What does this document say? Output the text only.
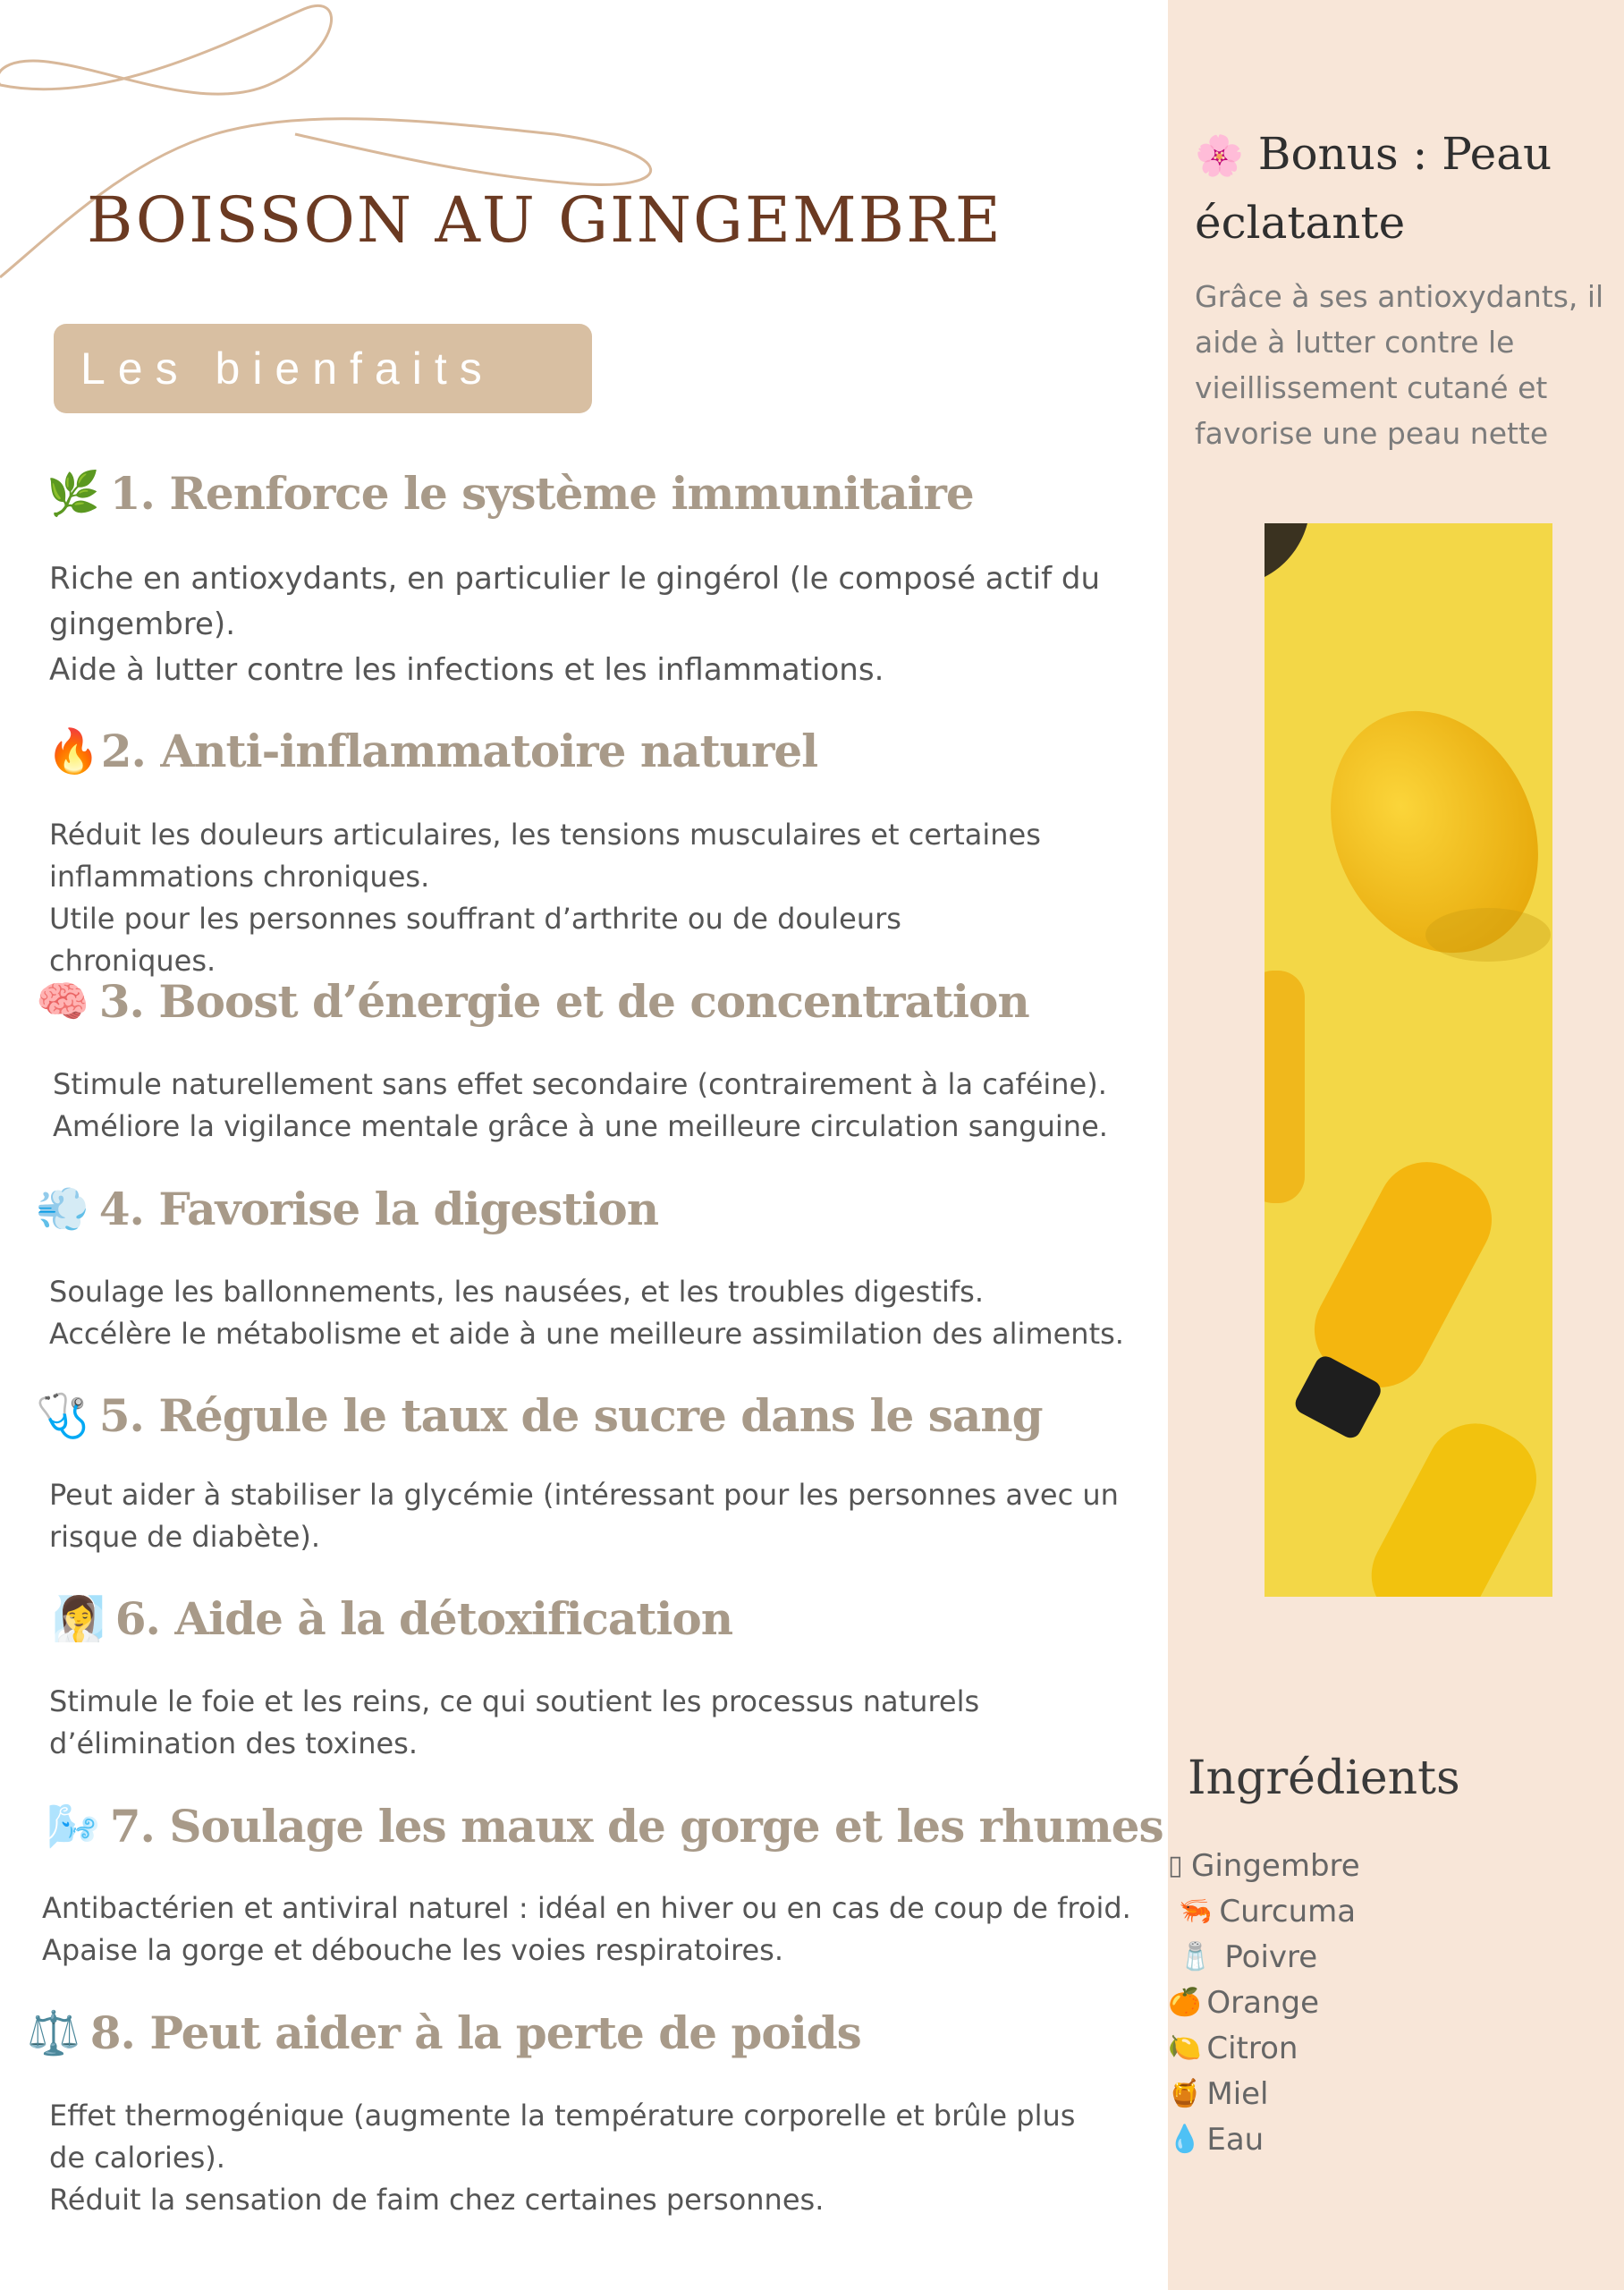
BOISSON AU GINGEMBRE
Les bienfaits
🌿 1. Renforce le système immunitaire

Riche en antioxydants, en particulier le gingérol (le composé actif du gingembre).

Aide à lutter contre les infections et les inflammations.

🔥 2. Anti-inflammatoire naturel

Réduit les douleurs articulaires, les tensions musculaires et certaines inflammations chroniques.

Utile pour les personnes souffrant d’arthrite ou de douleurs chroniques.

🧠 3. Boost d’énergie et de concentration

Stimule naturellement sans effet secondaire (contrairement à la caféine).

Améliore la vigilance mentale grâce à une meilleure circulation sanguine.

💨 4. Favorise la digestion

Soulage les ballonnements, les nausées, et les troubles digestifs.

Accélère le métabolisme et aide à une meilleure assimilation des aliments.

🩺 5. Régule le taux de sucre dans le sang

Peut aider à stabiliser la glycémie (intéressant pour les personnes avec un risque de diabète).

🧖‍♀️ 6. Aide à la détoxification

Stimule le foie et les reins, ce qui soutient les processus naturels d’élimination des toxines.

🌬️ 7. Soulage les maux de gorge et les rhumes

Antibactérien et antiviral naturel : idéal en hiver ou en cas de coup de froid.

Apaise la gorge et débouche les voies respiratoires.

⚖️ 8. Peut aider à la perte de poids

Effet thermogénique (augmente la température corporelle et brûle plus de calories).

Réduit la sensation de faim chez certaines personnes.

🌸 Bonus : Peau éclatante

Grâce à ses antioxydants, il aide à lutter contre le vieillissement cutané et favorise une peau nette

Ingrédients
▯ Gingembre
🦐 Curcuma
🧂 Poivre
🍊 Orange
🍋 Citron
🍯 Miel
💧 Eau
